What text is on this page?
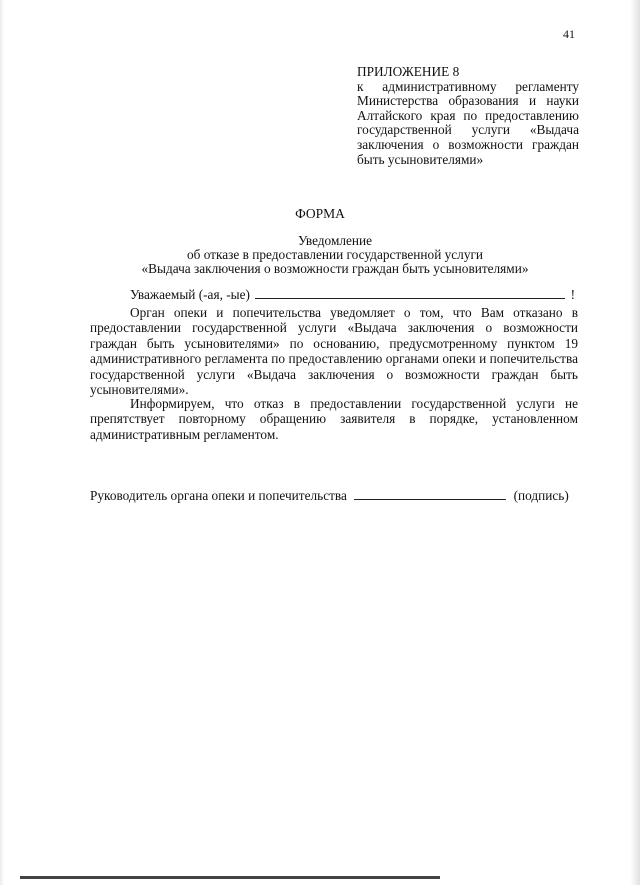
41
ПРИЛОЖЕНИЕ 8
к административному регламенту Министерства образования и науки Алтайского края по предоставлению государственной услуги «Выдача заключения о возможности граждан быть усыновителями»
ФОРМА
Уведомление
об отказе в предоставлении государственной услуги
«Выдача заключения о возможности граждан быть усыновителями»
Уважаемый (-ая, -ые)	!

Орган опеки и попечительства уведомляет о том, что Вам отказано в предоставлении государственной услуги «Выдача заключения о возможности граждан быть усыновителями» по основанию, предусмотренному пунктом 19 административного регламента по предоставлению органами опеки и попечительства государственной услуги «Выдача заключения о возможности граждан быть усыновителями».

Информируем, что отказ в предоставлении государственной услуги не препятствует повторному обращению заявителя в порядке, установленном административным регламентом.

Руководитель органа опеки и попечительства	(подпись)
